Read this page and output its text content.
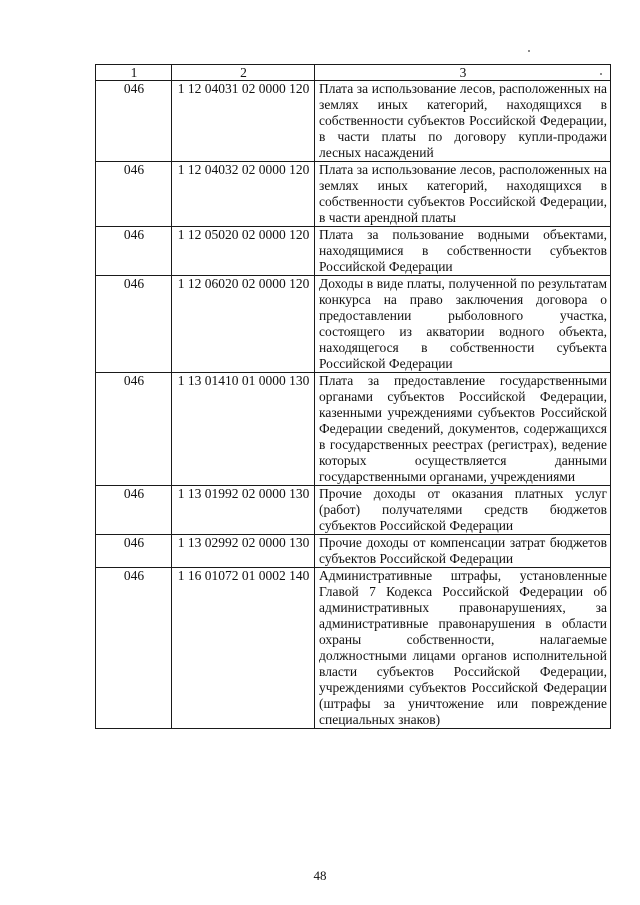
1	2	3
046	1 12 04031 02 0000 120	Плата за использование лесов, расположенных на землях иных категорий, находящихся в собственности субъектов Российской Федерации, в части платы по договору купли-продажи лесных насаждений
046	1 12 04032 02 0000 120	Плата за использование лесов, расположенных на землях иных категорий, находящихся в собственности субъектов Российской Федерации, в части арендной платы
046	1 12 05020 02 0000 120	Плата за пользование водными объектами, находящимися в собственности субъектов Российской Федерации
046	1 12 06020 02 0000 120	Доходы в виде платы, полученной по результатам конкурса на право заключения договора о предоставлении рыболовного участка, состоящего из акватории водного объекта, находящегося в собственности субъекта Российской Федерации
046	1 13 01410 01 0000 130	Плата за предоставление государственными органами субъектов Российской Федерации, казенными учреждениями субъектов Российской Федерации сведений, документов, содержащихся в государственных реестрах (регистрах), ведение которых осуществляется данными государственными органами, учреждениями
046	1 13 01992 02 0000 130	Прочие доходы от оказания платных услуг (работ) получателями средств бюджетов субъектов Российской Федерации
046	1 13 02992 02 0000 130	Прочие доходы от компенсации затрат бюджетов субъектов Российской Федерации
046	1 16 01072 01 0002 140	Административные штрафы, установленные Главой 7 Кодекса Российской Федерации об административных правонарушениях, за административные правонарушения в области охраны собственности, налагаемые должностными лицами органов исполнительной власти субъектов Российской Федерации, учреждениями субъектов Российской Федерации (штрафы за уничтожение или повреждение специальных знаков)
48
